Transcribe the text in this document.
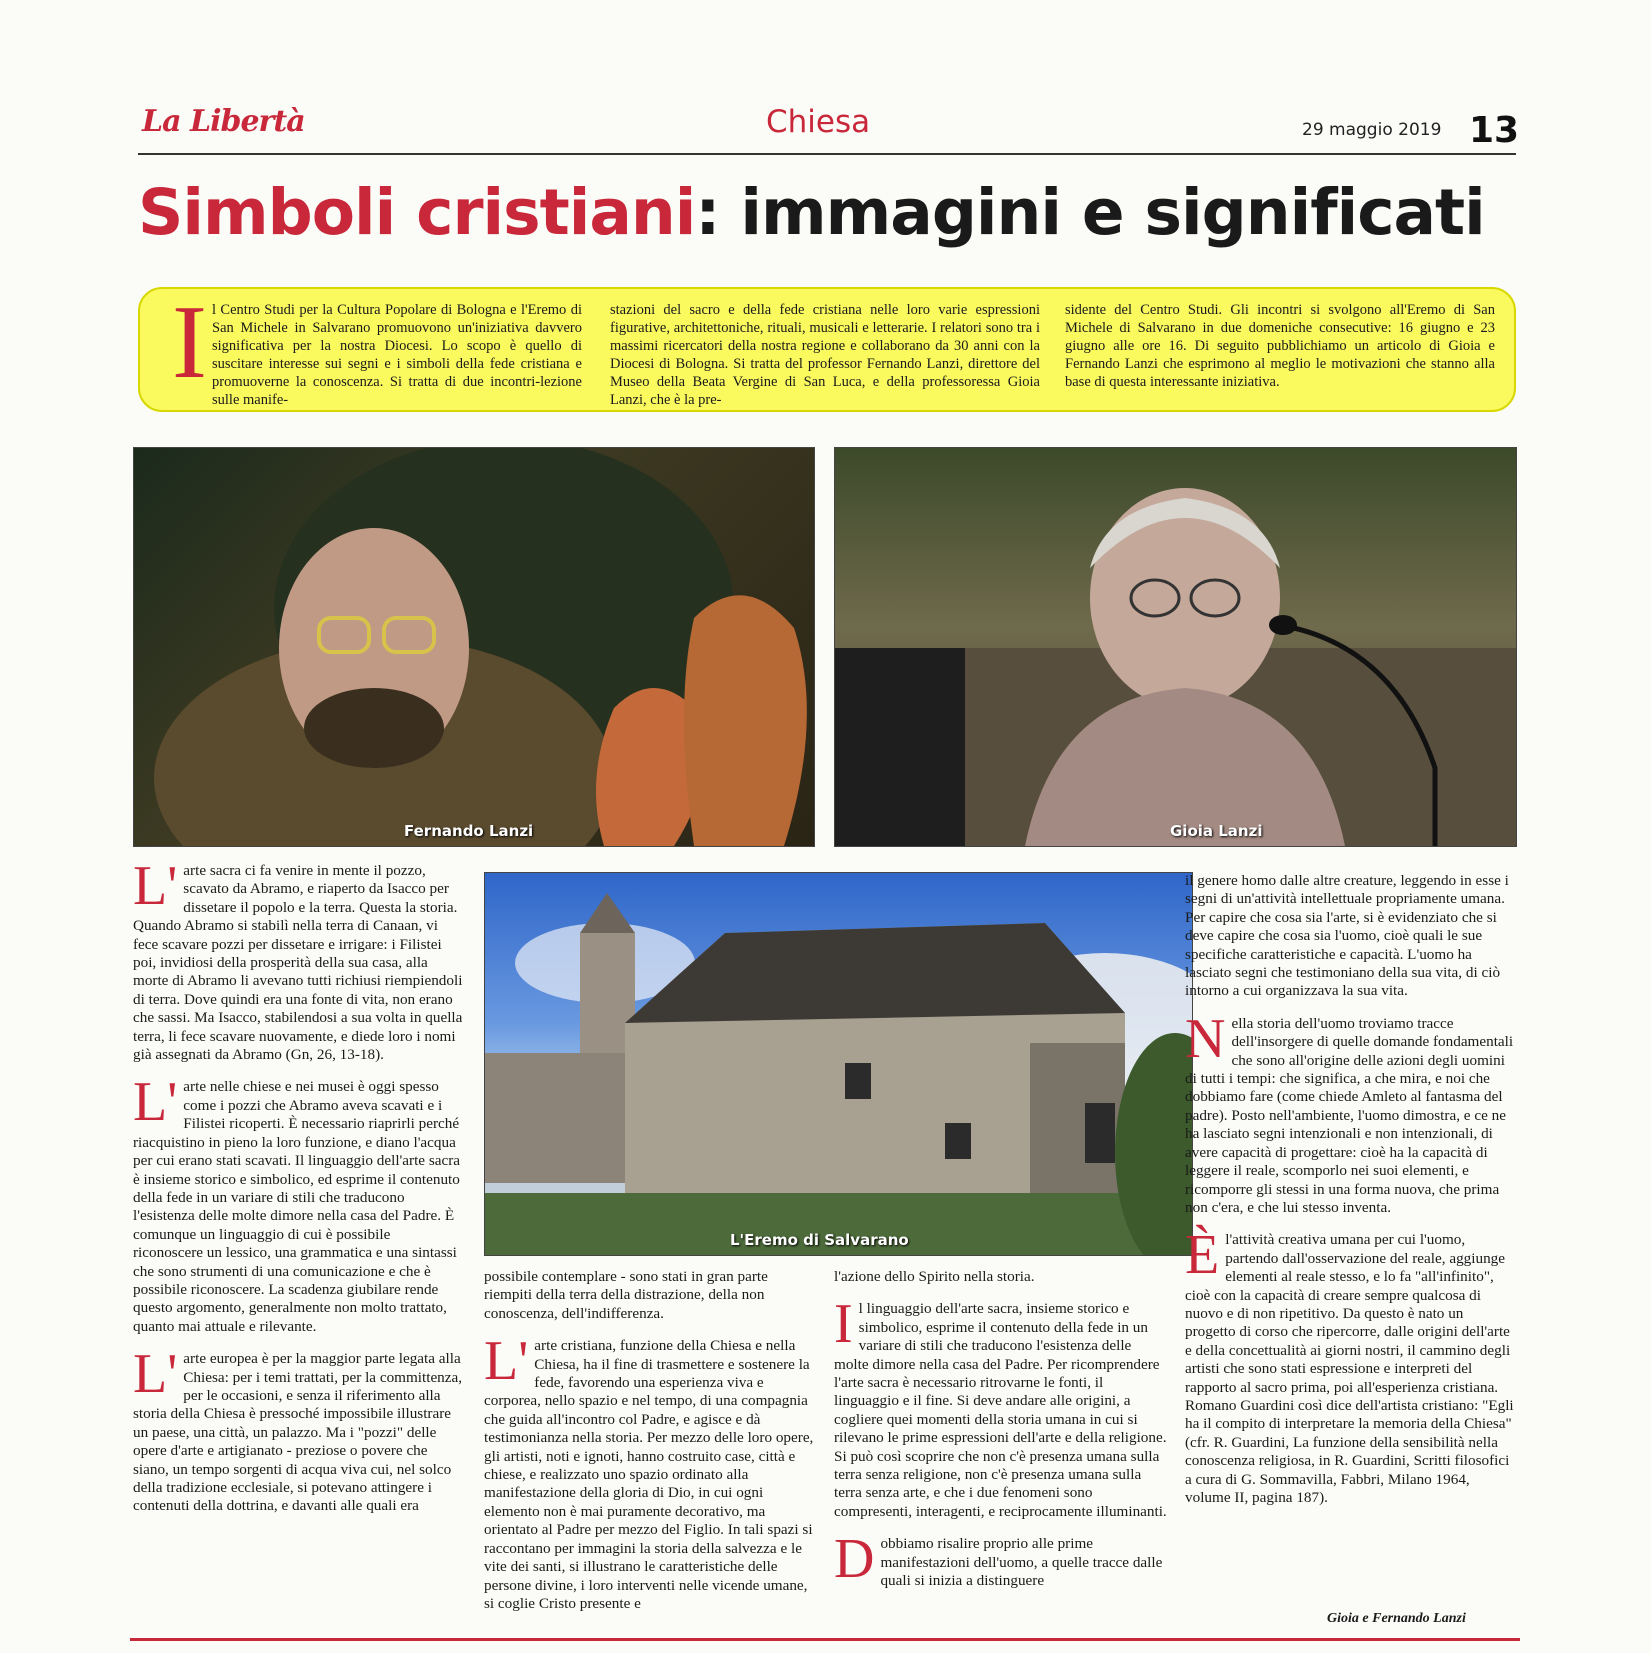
La Libertà	Chiesa	29 maggio 2019 13
Simboli cristiani: immagini e significati
I l Centro Studi per la Cultura Popolare di Bologna e l'Eremo di San Michele in Salvarano promuovono un'iniziativa davvero significativa per la nostra Diocesi. Lo scopo è quello di suscitare interesse sui segni e i simboli della fede cristiana e promuoverne la conoscenza. Si tratta di due incontri-lezione sulle manife-
stazioni del sacro e della fede cristiana nelle loro varie espressioni figurative, architettoniche, rituali, musicali e letterarie. I relatori sono tra i massimi ricercatori della nostra regione e collaborano da 30 anni con la Diocesi di Bologna. Si tratta del professor Fernando Lanzi, direttore del Museo della Beata Vergine di San Luca, e della professoressa Gioia Lanzi, che è la pre-
sidente del Centro Studi. Gli incontri si svolgono all'Eremo di San Michele di Salvarano in due domeniche consecutive: 16 giugno e 23 giugno alle ore 16. Di seguito pubblichiamo un articolo di Gioia e Fernando Lanzi che esprimono al meglio le motivazioni che stanno alla base di questa interessante iniziativa.
Fernando Lanzi	Gioia Lanzi
L'Eremo di Salvarano

L' arte sacra ci fa venire in mente il pozzo, scavato da Abramo, e riaperto da Isacco per dissetare il popolo e la terra. Questa la storia. Quando Abramo si stabilì nella terra di Canaan, vi fece scavare pozzi per dissetare e irrigare: i Filistei poi, invidiosi della prosperità della sua casa, alla morte di Abramo li avevano tutti richiusi riempiendoli di terra. Dove quindi era una fonte di vita, non erano che sassi. Ma Isacco, stabilendosi a sua volta in quella terra, li fece scavare nuovamente, e diede loro i nomi già assegnati da Abramo (Gn, 26, 13-18).

L' arte nelle chiese e nei musei è oggi spesso come i pozzi che Abramo aveva scavati e i Filistei ricoperti. È necessario riaprirli perché riacquistino in pieno la loro funzione, e diano l'acqua per cui erano stati scavati. Il linguaggio dell'arte sacra è insieme storico e simbolico, ed esprime il contenuto della fede in un variare di stili che traducono l'esistenza delle molte dimore nella casa del Padre. È comunque un linguaggio di cui è possibile riconoscere un lessico, una grammatica e una sintassi che sono strumenti di una comunicazione e che è possibile riconoscere. La scadenza giubilare rende questo argomento, generalmente non molto trattato, quanto mai attuale e rilevante.

L' arte europea è per la maggior parte legata alla Chiesa: per i temi trattati, per la committenza, per le occasioni, e senza il riferimento alla storia della Chiesa è pressoché impossibile illustrare un paese, una città, un palazzo. Ma i "pozzi" delle opere d'arte e artigianato - preziose o povere che siano, un tempo sorgenti di acqua viva cui, nel solco della tradizione ecclesiale, si potevano attingere i contenuti della dottrina, e davanti alle quali era

possibile contemplare - sono stati in gran parte riempiti della terra della distrazione, della non conoscenza, dell'indifferenza.

L' arte cristiana, funzione della Chiesa e nella Chiesa, ha il fine di trasmettere e sostenere la fede, favorendo una esperienza viva e corporea, nello spazio e nel tempo, di una compagnia che guida all'incontro col Padre, e agisce e dà testimonianza nella storia. Per mezzo delle loro opere, gli artisti, noti e ignoti, hanno costruito case, città e chiese, e realizzato uno spazio ordinato alla manifestazione della gloria di Dio, in cui ogni elemento non è mai puramente decorativo, ma orientato al Padre per mezzo del Figlio. In tali spazi si raccontano per immagini la storia della salvezza e le vite dei santi, si illustrano le caratteristiche delle persone divine, i loro interventi nelle vicende umane, si coglie Cristo presente e

l'azione dello Spirito nella storia.

Il linguaggio dell'arte sacra, insieme storico e simbolico, esprime il contenuto della fede in un variare di stili che traducono l'esistenza delle molte dimore nella casa del Padre. Per ricomprendere l'arte sacra è necessario ritrovarne le fonti, il linguaggio e il fine. Si deve andare alle origini, a cogliere quei momenti della storia umana in cui si rilevano le prime espressioni dell'arte e della religione. Si può così scoprire che non c'è presenza umana sulla terra senza religione, non c'è presenza umana sulla terra senza arte, e che i due fenomeni sono compresenti, interagenti, e reciprocamente illuminanti.

Dobbiamo risalire proprio alle prime manifestazioni dell'uomo, a quelle tracce dalle quali si inizia a distinguere

il genere homo dalle altre creature, leggendo in esse i segni di un'attività intellettuale propriamente umana. Per capire che cosa sia l'arte, si è evidenziato che si deve capire che cosa sia l'uomo, cioè quali le sue specifiche caratteristiche e capacità. L'uomo ha lasciato segni che testimoniano della sua vita, di ciò intorno a cui organizzava la sua vita.

Nella storia dell'uomo troviamo tracce dell'insorgere di quelle domande fondamentali che sono all'origine delle azioni degli uomini di tutti i tempi: che significa, a che mira, e noi che dobbiamo fare (come chiede Amleto al fantasma del padre). Posto nell'ambiente, l'uomo dimostra, e ce ne ha lasciato segni intenzionali e non intenzionali, di avere capacità di progettare: cioè ha la capacità di leggere il reale, scomporlo nei suoi elementi, e ricomporre gli stessi in una forma nuova, che prima non c'era, e che lui stesso inventa.

Èl'attività creativa umana per cui l'uomo, partendo dall'osservazione del reale, aggiunge elementi al reale stesso, e lo fa "all'infinito", cioè con la capacità di creare sempre qualcosa di nuovo e di non ripetitivo. Da questo è nato un progetto di corso che ripercorre, dalle origini dell'arte e della concettualità ai giorni nostri, il cammino degli artisti che sono stati espressione e interpreti del rapporto al sacro prima, poi all'esperienza cristiana. Romano Guardini così dice dell'artista cristiano: "Egli ha il compito di interpretare la memoria della Chiesa" (cfr. R. Guardini, La funzione della sensibilità nella conoscenza religiosa, in R. Guardini, Scritti filosofici a cura di G. Sommavilla, Fabbri, Milano 1964, volume II, pagina 187).

Gioia e Fernando Lanzi
